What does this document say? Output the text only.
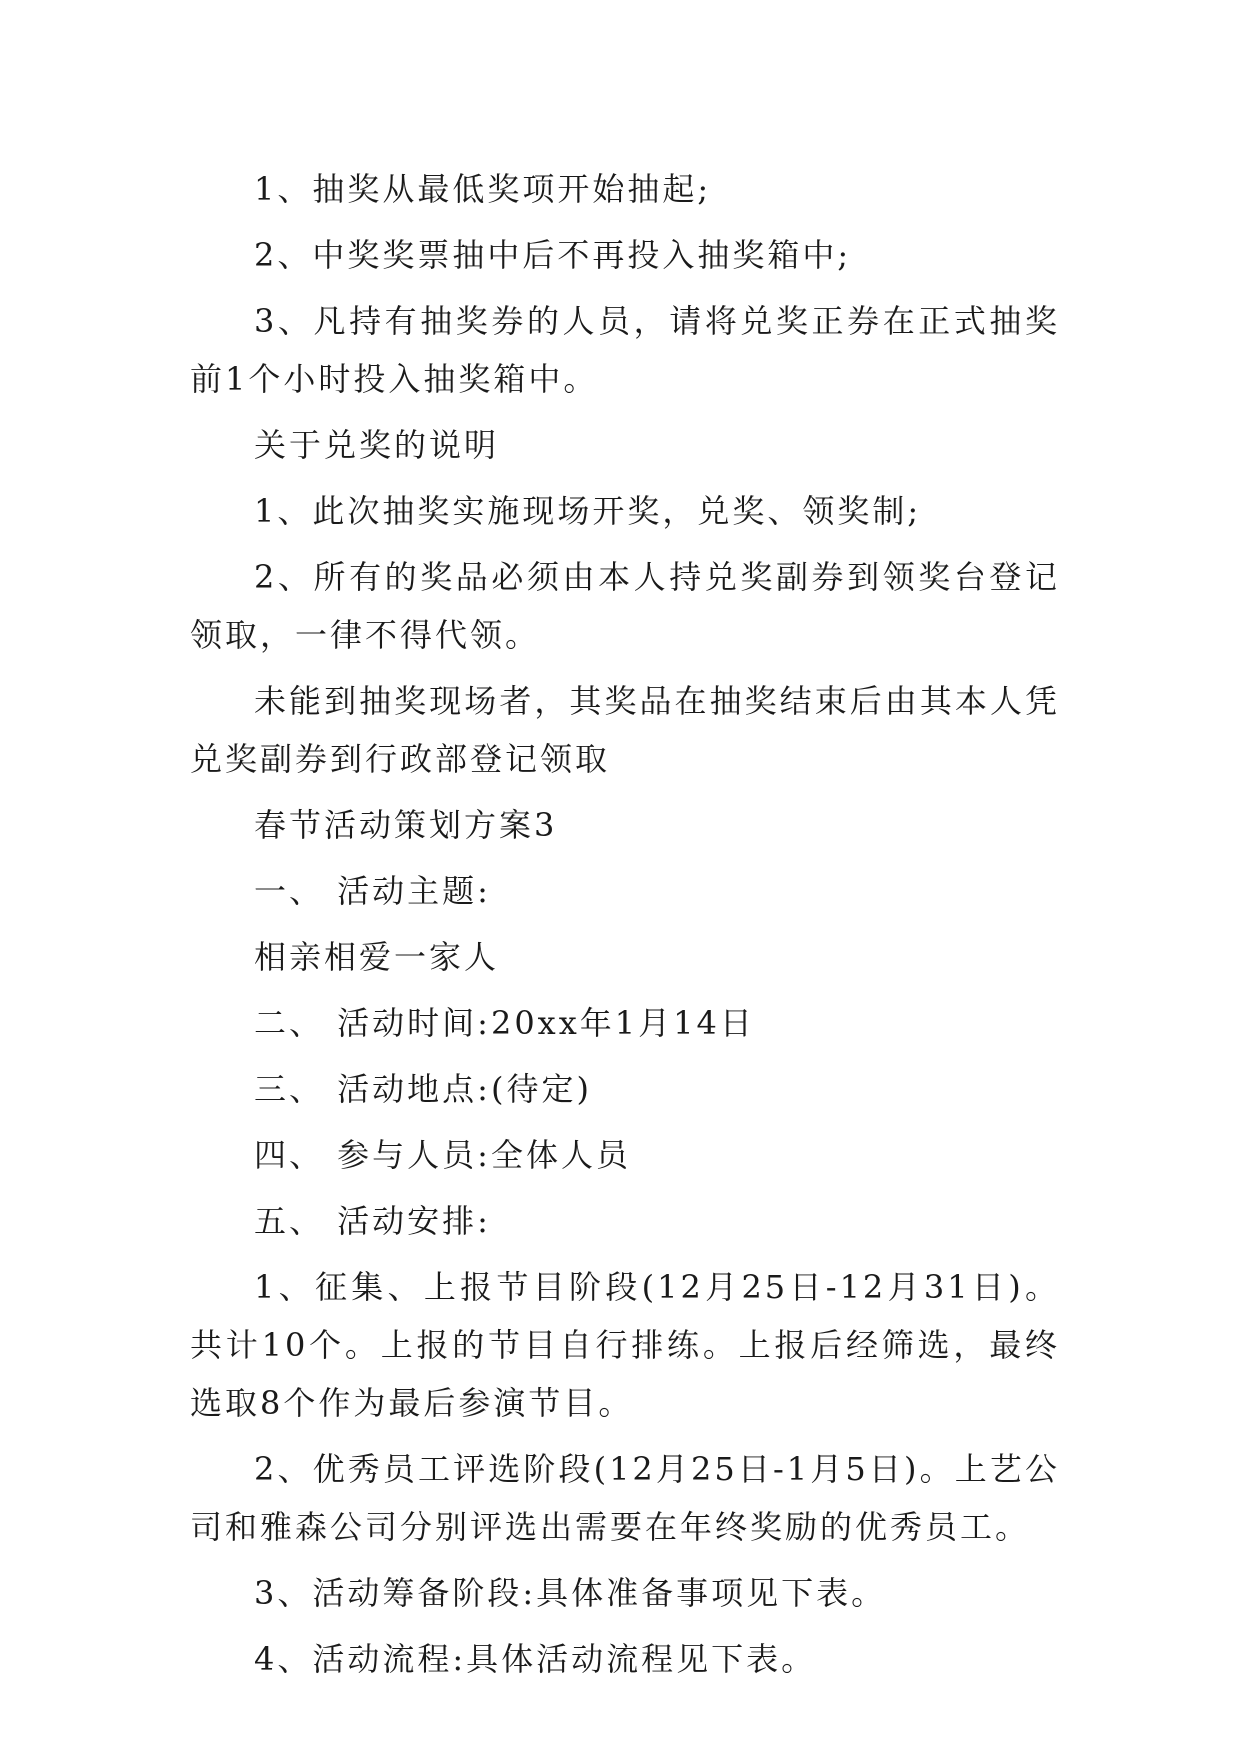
1、抽奖从最低奖项开始抽起;

2、中奖奖票抽中后不再投入抽奖箱中;

3、凡持有抽奖券的人员，请将兑奖正券在正式抽奖前1个小时投入抽奖箱中。

关于兑奖的说明

1、此次抽奖实施现场开奖，兑奖、领奖制;

2、所有的奖品必须由本人持兑奖副券到领奖台登记领取，一律不得代领。

未能到抽奖现场者，其奖品在抽奖结束后由其本人凭兑奖副券到行政部登记领取

春节活动策划方案3

一、 活动主题:

相亲相爱一家人

二、 活动时间:20xx年1月14日

三、 活动地点:(待定)

四、 参与人员:全体人员

五、 活动安排:

1、征集、上报节目阶段(12月25日-12月31日)。共计10个。上报的节目自行排练。上报后经筛选，最终选取8个作为最后参演节目。

2、优秀员工评选阶段(12月25日-1月5日)。上艺公司和雅森公司分别评选出需要在年终奖励的优秀员工。

3、活动筹备阶段:具体准备事项见下表。

4、活动流程:具体活动流程见下表。
